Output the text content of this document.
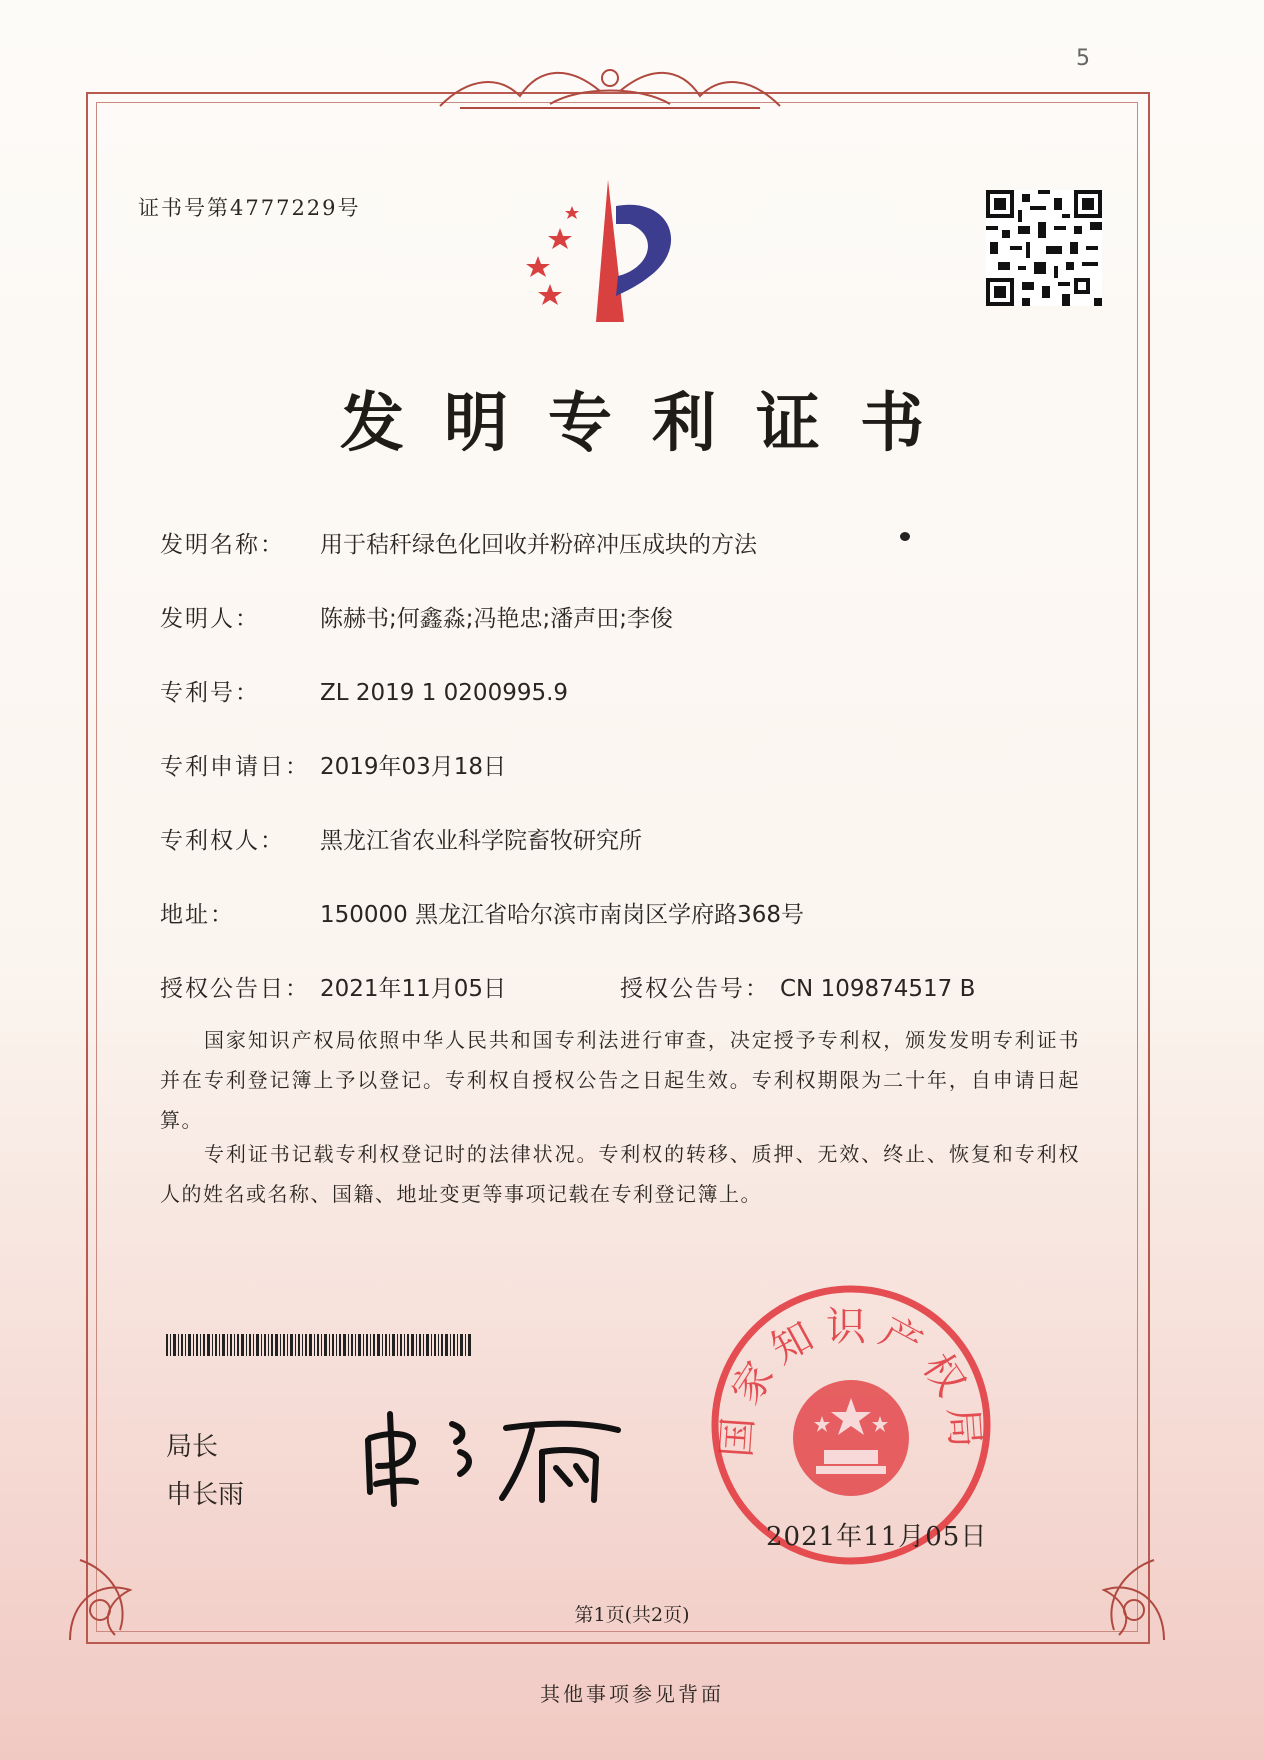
5
证书号第4777229号
发明专利证书
发明名称： 用于秸秆绿色化回收并粉碎冲压成块的方法
发明人：	陈赫书;何鑫淼;冯艳忠;潘声田;李俊
专利号：	ZL 2019 1 0200995.9
专利申请日： 2019年03月18日
专利权人： 黑龙江省农业科学院畜牧研究所
地址：	150000 黑龙江省哈尔滨市南岗区学府路368号
授权公告日： 2021年11月05日	授权公告号： CN 109874517 B
国家知识产权局依照中华人民共和国专利法进行审查，决定授予专利权，颁发发明专利证书并在专利登记簿上予以登记。专利权自授权公告之日起生效。专利权期限为二十年，自申请日起算。
专利证书记载专利权登记时的法律状况。专利权的转移、质押、无效、终止、恢复和专利权人的姓名或名称、国籍、地址变更等事项记载在专利登记簿上。
局长
申长雨
国家知识产权局
2021年11月05日
第1页(共2页)
其他事项参见背面
